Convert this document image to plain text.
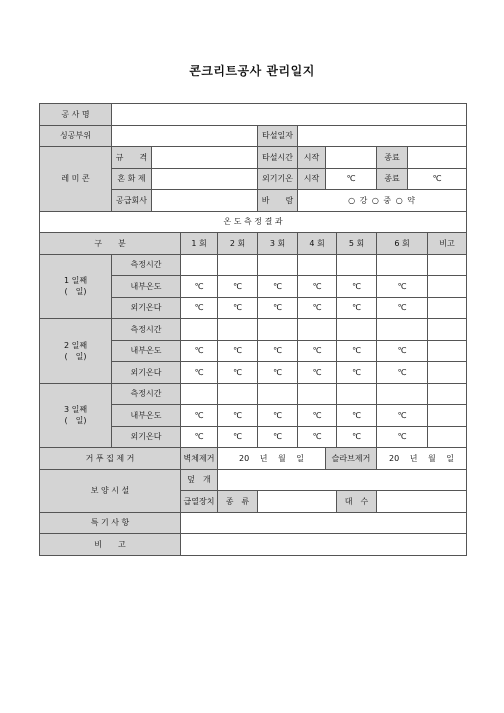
콘크리트공사 관리일지
공 사 명											
싱공부위					타설일자						
레 미 콘	규　　격				타설시간	시작			종료		
	혼 화 제				외기기온	시작	℃		종료	℃	
	공급회사				바　　람	○ 강 ○ 중 ○ 약					
온 도 측 정 결 과											
구　　분			1 회	2 회	3 회	4 회		5 회	6 회		비고

1 일째
(　일)	측정시간										
	내부온도		℃	℃	℃	℃		℃	℃		
	외기온다		℃	℃	℃	℃		℃	℃		

2 일째
(　일)	측정시간										
	내부온도		℃	℃	℃	℃		℃	℃		
	외기온다		℃	℃	℃	℃		℃	℃		

3 일째
(　일)	측정시간										
	내부온도		℃	℃	℃	℃		℃	℃		
	외기온다		℃	℃	℃	℃		℃	℃		
거 푸 집 제 거			벽체제거	20　 년　 월　 일			슬라브제거		20　 년　 월　 일		
보 양 시 설			덮　개								
			급열장치	종　류				대　수			
특 기 사 항											
비　　고											
